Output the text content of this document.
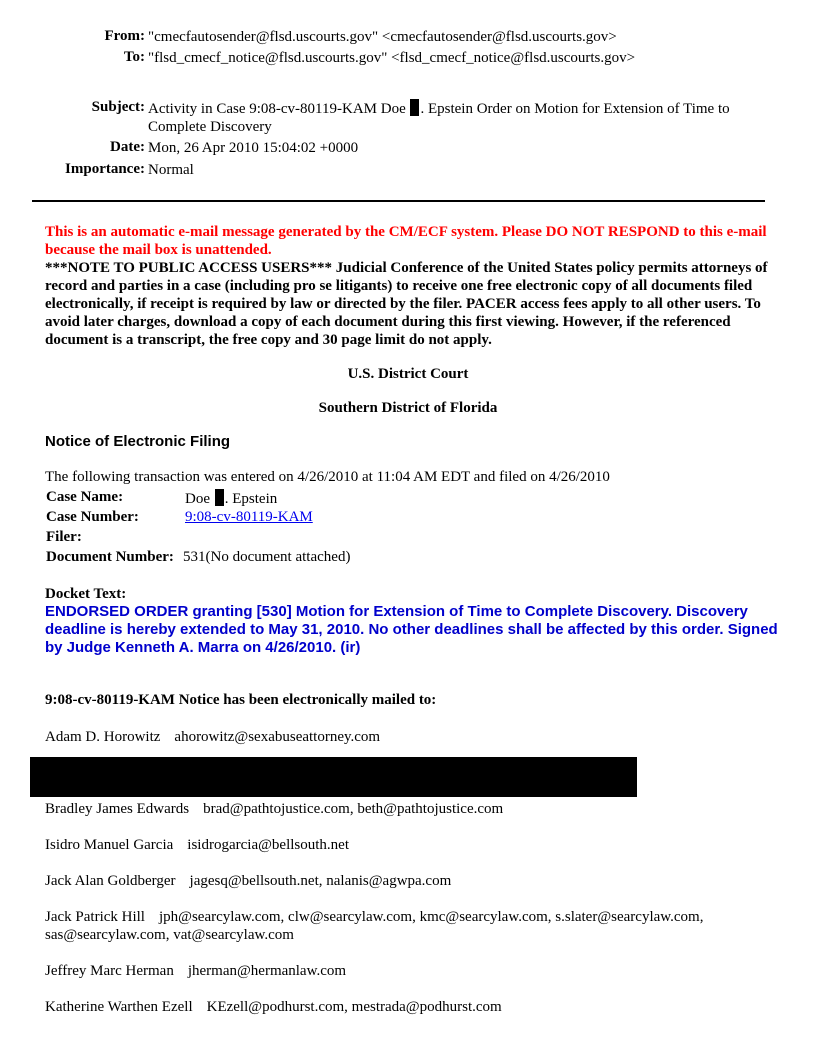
From: "cmecfautosender@flsd.uscourts.gov" <cmecfautosender@flsd.uscourts.gov>
To: "flsd_cmecf_notice@flsd.uscourts.gov" <flsd_cmecf_notice@flsd.uscourts.gov>
Subject: Activity in Case 9:08-cv-80119-KAM Doe . Epstein Order on Motion for Extension of Time to Complete Discovery
Date: Mon, 26 Apr 2010 15:04:02 +0000
Importance: Normal
This is an automatic e-mail message generated by the CM/ECF system. Please DO NOT RESPOND to this e-mail because the mail box is unattended.
***NOTE TO PUBLIC ACCESS USERS*** Judicial Conference of the United States policy permits attorneys of record and parties in a case (including pro se litigants) to receive one free electronic copy of all documents filed electronically, if receipt is required by law or directed by the filer. PACER access fees apply to all other users. To avoid later charges, download a copy of each document during this first viewing. However, if the referenced document is a transcript, the free copy and 30 page limit do not apply.
U.S. District Court
Southern District of Florida
Notice of Electronic Filing
The following transaction was entered on 4/26/2010 at 11:04 AM EDT and filed on 4/26/2010
Case Name:	Doe . Epstein
Case Number:	9:08-cv-80119-KAM
Filer:
Document Number: 531(No document attached)
Docket Text:
ENDORSED ORDER granting [530] Motion for Extension of Time to Complete Discovery. Discovery deadline is hereby extended to May 31, 2010. No other deadlines shall be affected by this order. Signed by Judge Kenneth A. Marra on 4/26/2010. (ir)
9:08-cv-80119-KAM Notice has been electronically mailed to:
Adam D. Horowitz ahorowitz@sexabuseattorney.com
Bradley James Edwards brad@pathtojustice.com, beth@pathtojustice.com
Isidro Manuel Garcia isidrogarcia@bellsouth.net
Jack Alan Goldberger jagesq@bellsouth.net, nalanis@agwpa.com
Jack Patrick Hill jph@searcylaw.com, clw@searcylaw.com, kmc@searcylaw.com, s.slater@searcylaw.com, sas@searcylaw.com, vat@searcylaw.com
Jeffrey Marc Herman jherman@hermanlaw.com
Katherine Warthen Ezell KEzell@podhurst.com, mestrada@podhurst.com
